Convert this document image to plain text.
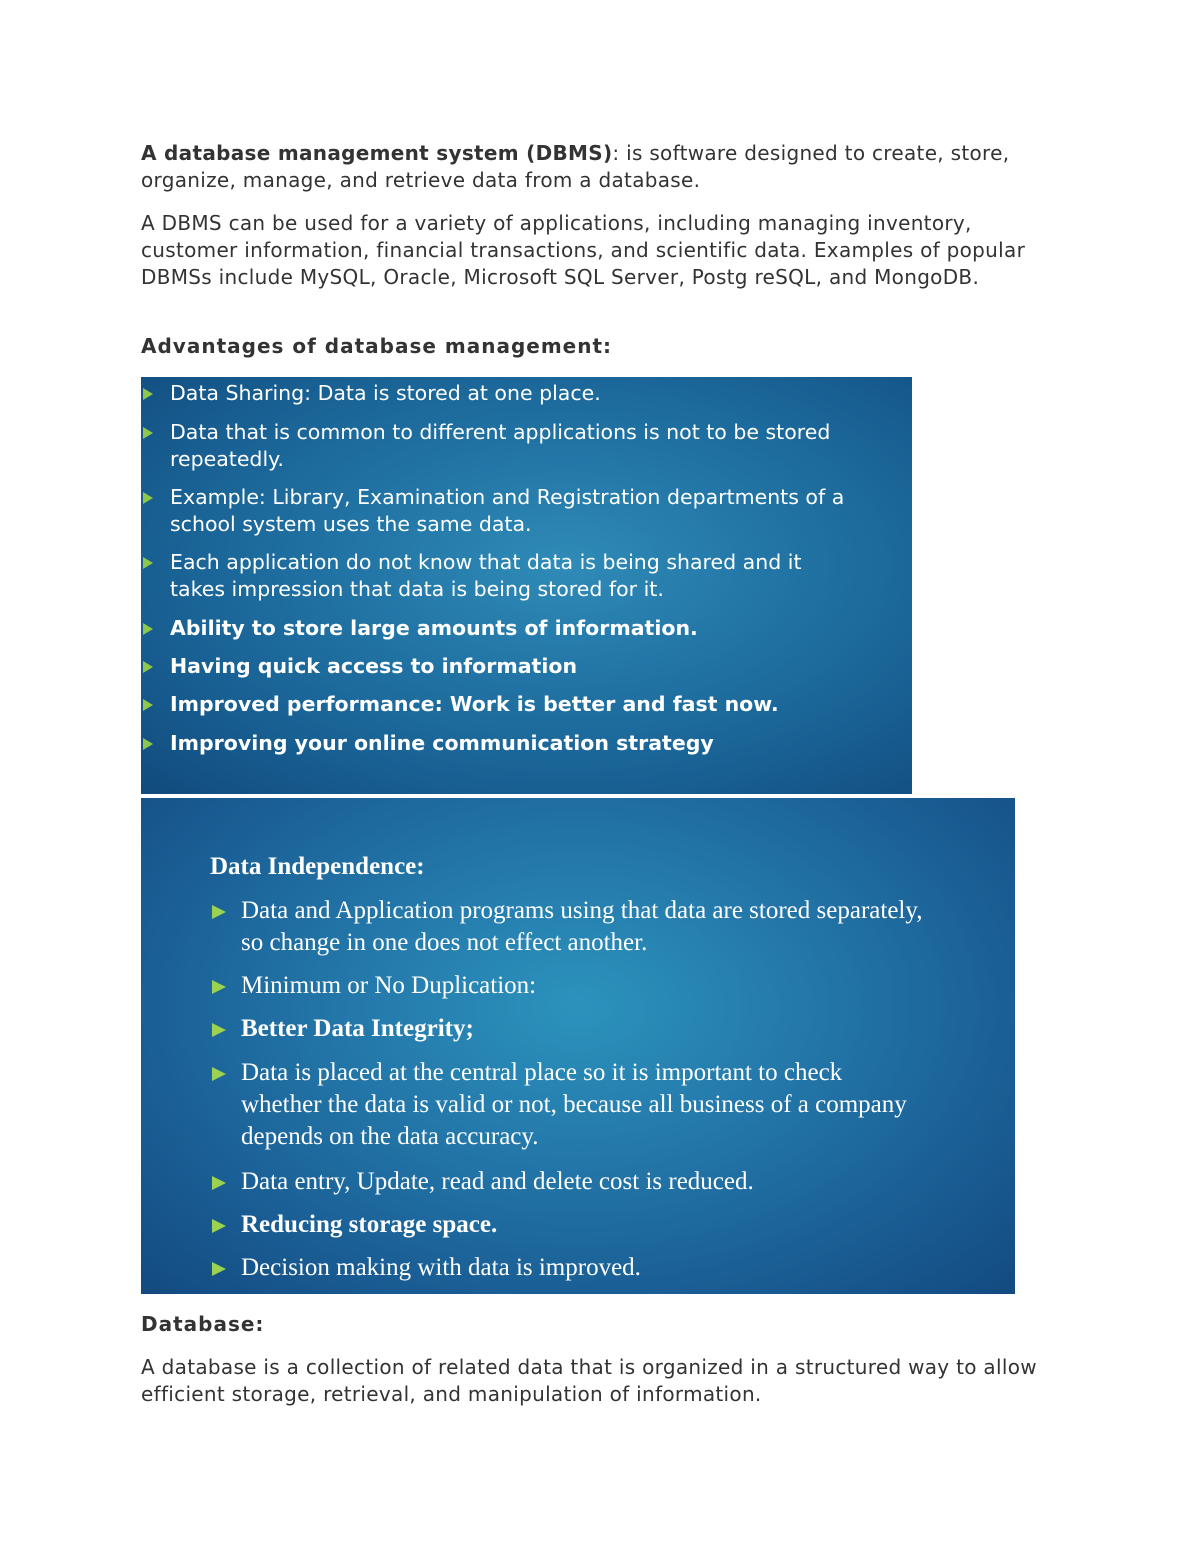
A database management system (DBMS): is software designed to create, store, organize, manage, and retrieve data from a database.

A DBMS can be used for a variety of applications, including managing inventory, customer information, financial transactions, and scientific data. Examples of popular DBMSs include MySQL, Oracle, Microsoft SQL Server, Postg reSQL, and MongoDB.

Advantages of database management:

Data Sharing: Data is stored at one place.
Data that is common to different applications is not to be stored
repeatedly.
Example: Library, Examination and Registration departments of a
school system uses the same data.
Each application do not know that data is being shared and it
takes impression that data is being stored for it.
Ability to store large amounts of information.
Having quick access to information
Improved performance: Work is better and fast now.
Improving your online communication strategy
Data Independence:
Data and Application programs using that data are stored separately,
so change in one does not effect another.
Minimum or No Duplication:
Better Data Integrity;
Data is placed at the central place so it is important to check
whether the data is valid or not, because all business of a company
depends on the data accuracy.
Data entry, Update, read and delete cost is reduced.
Reducing storage space.
Decision making with data is improved.

Database:

A database is a collection of related data that is organized in a structured way to allow efficient storage, retrieval, and manipulation of information.
